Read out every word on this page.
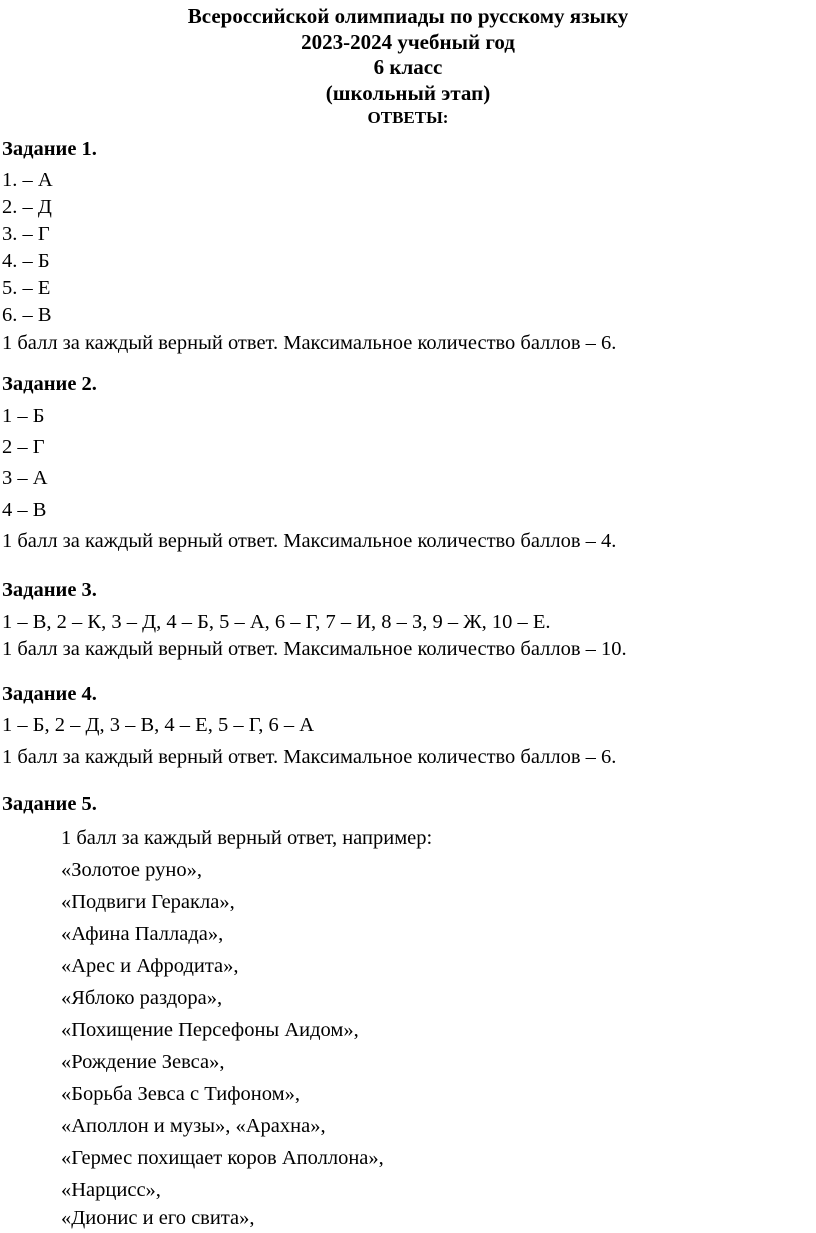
Всероссийской олимпиады по русскому языку
2023-2024 учебный год
6 класс
(школьный этап)
ОТВЕТЫ:
Задание 1.
1. – А
2. – Д
3. – Г
4. – Б
5. – Е
6. – В
1 балл за каждый верный ответ. Максимальное количество баллов – 6.
Задание 2.
1 – Б
2 – Г
3 – А
4 – В
1 балл за каждый верный ответ. Максимальное количество баллов – 4.
Задание 3.
1 – В, 2 – К, 3 – Д, 4 – Б, 5 – А, 6 – Г, 7 – И, 8 – З, 9 – Ж, 10 – Е.
1 балл за каждый верный ответ. Максимальное количество баллов – 10.
Задание 4.
1 – Б, 2 – Д, 3 – В, 4 – Е, 5 – Г, 6 – А
1 балл за каждый верный ответ. Максимальное количество баллов – 6.
Задание 5.
1 балл за каждый верный ответ, например:
«Золотое руно»,
«Подвиги Геракла»,
«Афина Паллада»,
«Арес и Афродита»,
«Яблоко раздора»,
«Похищение Персефоны Аидом»,
«Рождение Зевса»,
«Борьба Зевса с Тифоном»,
«Аполлон и музы», «Арахна»,
«Гермес похищает коров Аполлона»,
«Нарцисс»,
«Дионис и его свита»,
